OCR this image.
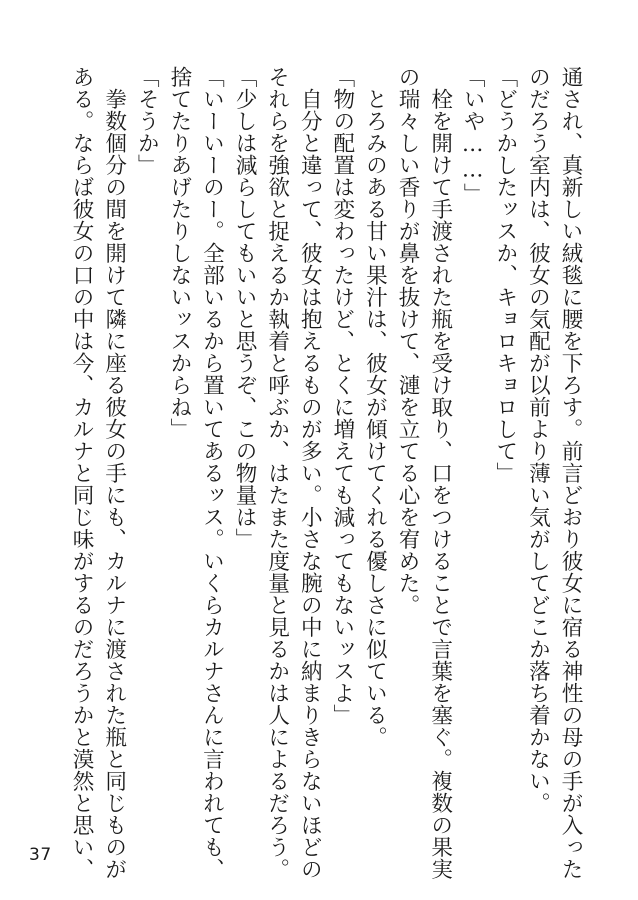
通され、真新しい絨毯に腰を下ろす。前言どおり彼女に宿る神性の母の手が入った

のだろう室内は、彼女の気配が以前より薄い気がしてどこか落ち着かない。

「どうかしたッスか、キョロキョロして」

「いや……」

　栓を開けて手渡された瓶を受け取り、口をつけることで言葉を塞ぐ。複数の果実

の瑞々しい香りが鼻を抜けて、漣を立てる心を宥めた。

　とろみのある甘い果汁は、彼女が傾けてくれる優しさに似ている。

「物の配置は変わったけど、とくに増えても減ってもないッスよ」

　自分と違って、彼女は抱えるものが多い。小さな腕の中に納まりきらないほどの

それらを強欲と捉えるか執着と呼ぶか、はたまた度量と見るかは人によるだろう。

「少しは減らしてもいいと思うぞ、この物量は」

「いーいーのー。全部いるから置いてあるッス。いくらカルナさんに言われても、

捨てたりあげたりしないッスからね」

「そうか」

　拳数個分の間を開けて隣に座る彼女の手にも、カルナに渡された瓶と同じものが

ある。ならば彼女の口の中は今、カルナと同じ味がするのだろうかと漠然と思い、

37
